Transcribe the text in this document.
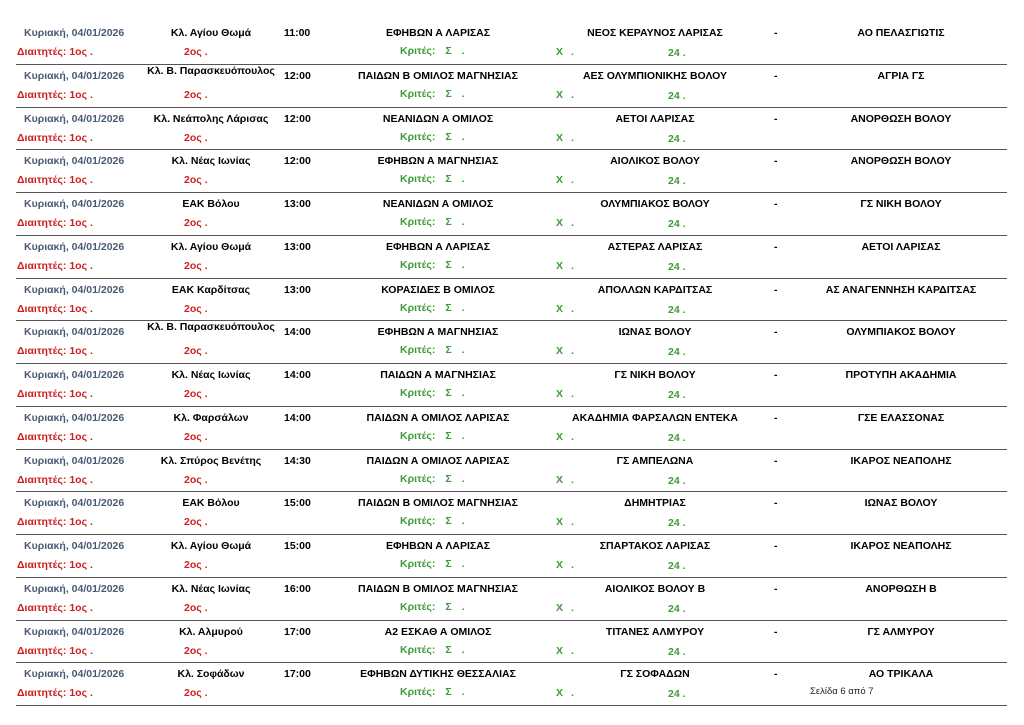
Κυριακή, 04/01/2026	Κλ. Αγίου Θωμά	11:00	ΕΦΗΒΩΝ Α ΛΑΡΙΣΑΣ	ΝΕΟΣ ΚΕΡΑΥΝΟΣ ΛΑΡΙΣΑΣ	-	ΑΟ ΠΕΛΑΣΓΙΩΤΙΣ
Διαιτητές: 1ος .	2ος .	Κριτές: Σ .	Χ .	24 .
Κυριακή, 04/01/2026 Κλ. Β. Παρασκευόπουλος 12:00	ΠΑΙΔΩΝ Β ΟΜΙΛΟΣ ΜΑΓΝΗΣΙΑΣ	ΑΕΣ ΟΛΥΜΠΙΟΝΙΚΗΣ ΒΟΛΟΥ	-	ΑΓΡΙΑ ΓΣ
Διαιτητές: 1ος .	2ος .	Κριτές: Σ .	Χ .	24 .
Κυριακή, 04/01/2026	Κλ. Νεάπολης Λάρισας	12:00	ΝΕΑΝΙΔΩΝ Α ΟΜΙΛΟΣ	ΑΕΤΟΙ ΛΑΡΙΣΑΣ	-	ΑΝΟΡΘΩΣΗ ΒΟΛΟΥ
Διαιτητές: 1ος .	2ος .	Κριτές: Σ .	Χ .	24 .
Κυριακή, 04/01/2026	Κλ. Νέας Ιωνίας	12:00	ΕΦΗΒΩΝ Α ΜΑΓΝΗΣΙΑΣ	ΑΙΟΛΙΚΟΣ ΒΟΛΟΥ	-	ΑΝΟΡΘΩΣΗ ΒΟΛΟΥ
Διαιτητές: 1ος .	2ος .	Κριτές: Σ .	Χ .	24 .
Κυριακή, 04/01/2026	ΕΑΚ Βόλου	13:00	ΝΕΑΝΙΔΩΝ Α ΟΜΙΛΟΣ	ΟΛΥΜΠΙΑΚΟΣ ΒΟΛΟΥ	-	ΓΣ ΝΙΚΗ ΒΟΛΟΥ
Διαιτητές: 1ος .	2ος .	Κριτές: Σ .	Χ .	24 .
Κυριακή, 04/01/2026	Κλ. Αγίου Θωμά	13:00	ΕΦΗΒΩΝ Α ΛΑΡΙΣΑΣ	ΑΣΤΕΡΑΣ ΛΑΡΙΣΑΣ	-	ΑΕΤΟΙ ΛΑΡΙΣΑΣ
Διαιτητές: 1ος .	2ος .	Κριτές: Σ .	Χ .	24 .
Κυριακή, 04/01/2026	ΕΑΚ Καρδίτσας	13:00	ΚΟΡΑΣΙΔΕΣ Β ΟΜΙΛΟΣ	ΑΠΟΛΛΩΝ ΚΑΡΔΙΤΣΑΣ	-	ΑΣ ΑΝΑΓΕΝΝΗΣΗ ΚΑΡΔΙΤΣΑΣ
Διαιτητές: 1ος .	2ος .	Κριτές: Σ .	Χ .	24 .
Κυριακή, 04/01/2026 Κλ. Β. Παρασκευόπουλος 14:00	ΕΦΗΒΩΝ Α ΜΑΓΝΗΣΙΑΣ	ΙΩΝΑΣ ΒΟΛΟΥ	-	ΟΛΥΜΠΙΑΚΟΣ ΒΟΛΟΥ
Διαιτητές: 1ος .	2ος .	Κριτές: Σ .	Χ .	24 .
Κυριακή, 04/01/2026	Κλ. Νέας Ιωνίας	14:00	ΠΑΙΔΩΝ Α ΜΑΓΝΗΣΙΑΣ	ΓΣ ΝΙΚΗ ΒΟΛΟΥ	-	ΠΡΟΤΥΠΗ ΑΚΑΔΗΜΙΑ
Διαιτητές: 1ος .	2ος .	Κριτές: Σ .	Χ .	24 .
Κυριακή, 04/01/2026	Κλ. Φαρσάλων	14:00	ΠΑΙΔΩΝ Α ΟΜΙΛΟΣ ΛΑΡΙΣΑΣ	ΑΚΑΔΗΜΙΑ ΦΑΡΣΑΛΩΝ ΕΝΤΕΚΑ	-	ΓΣΕ ΕΛΑΣΣΟΝΑΣ
Διαιτητές: 1ος .	2ος .	Κριτές: Σ .	Χ .	24 .
Κυριακή, 04/01/2026	Κλ. Σπύρος Βενέτης	14:30	ΠΑΙΔΩΝ Α ΟΜΙΛΟΣ ΛΑΡΙΣΑΣ	ΓΣ ΑΜΠΕΛΩΝΑ	-	ΙΚΑΡΟΣ ΝΕΑΠΟΛΗΣ
Διαιτητές: 1ος .	2ος .	Κριτές: Σ .	Χ .	24 .
Κυριακή, 04/01/2026	ΕΑΚ Βόλου	15:00	ΠΑΙΔΩΝ Β ΟΜΙΛΟΣ ΜΑΓΝΗΣΙΑΣ	ΔΗΜΗΤΡΙΑΣ	-	ΙΩΝΑΣ ΒΟΛΟΥ
Διαιτητές: 1ος .	2ος .	Κριτές: Σ .	Χ .	24 .
Κυριακή, 04/01/2026	Κλ. Αγίου Θωμά	15:00	ΕΦΗΒΩΝ Α ΛΑΡΙΣΑΣ	ΣΠΑΡΤΑΚΟΣ ΛΑΡΙΣΑΣ	-	ΙΚΑΡΟΣ ΝΕΑΠΟΛΗΣ
Διαιτητές: 1ος .	2ος .	Κριτές: Σ .	Χ .	24 .
Κυριακή, 04/01/2026	Κλ. Νέας Ιωνίας	16:00	ΠΑΙΔΩΝ Β ΟΜΙΛΟΣ ΜΑΓΝΗΣΙΑΣ	ΑΙΟΛΙΚΟΣ ΒΟΛΟΥ Β	-	ΑΝΟΡΘΩΣΗ Β
Διαιτητές: 1ος .	2ος .	Κριτές: Σ .	Χ .	24 .
Κυριακή, 04/01/2026	Κλ. Αλμυρού	17:00	Α2 ΕΣΚΑΘ Α ΟΜΙΛΟΣ	ΤΙΤΑΝΕΣ ΑΛΜΥΡΟΥ	-	ΓΣ ΑΛΜΥΡΟΥ
Διαιτητές: 1ος .	2ος .	Κριτές: Σ .	Χ .	24 .
Κυριακή, 04/01/2026	Κλ. Σοφάδων	17:00	ΕΦΗΒΩΝ ΔΥΤΙΚΗΣ ΘΕΣΣΑΛΙΑΣ	ΓΣ ΣΟΦΑΔΩΝ	-	ΑΟ ΤΡΙΚΑΛΑ
Διαιτητές: 1ος .	2ος .	Κριτές: Σ .	Χ .	24 .	Σελίδα 6 από 7
